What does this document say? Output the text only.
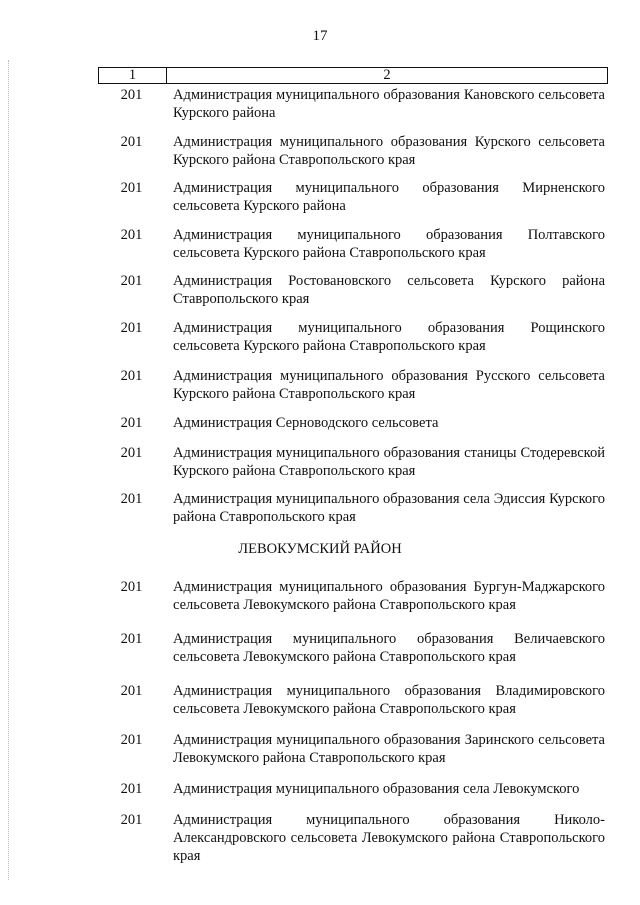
17
1	2
201	Администрация муниципального образования Кановского сельсовета Курского района
201	Администрация муниципального образования Курского сельсовета Курского района Ставропольского края
201	Администрация муниципального образования Мирненского сельсовета Курского района
201	Администрация муниципального образования Полтавского сельсовета Курского района Ставропольского края
201	Администрация Ростовановского сельсовета Курского района Ставропольского края
201	Администрация муниципального образования Рощинского сельсовета Курского района Ставропольского края
201	Администрация муниципального образования Русского сельсовета Курского района Ставропольского края
201	Администрация Серноводского сельсовета
201	Администрация муниципального образования станицы Стодеревской Курского района Ставропольского края
201	Администрация муниципального образования села Эдиссия Курского района Ставропольского края
ЛЕВОКУМСКИЙ РАЙОН
201	Администрация муниципального образования Бургун-Маджарского сельсовета Левокумского района Ставропольского края
201	Администрация муниципального образования Величаевского сельсовета Левокумского района Ставропольского края
201	Администрация муниципального образования Владимировского сельсовета Левокумского района Ставропольского края
201	Администрация муниципального образования Заринского сельсовета Левокумского района Ставропольского края
201	Администрация муниципального образования села Левокумского
201	Администрация муниципального образования Николо-Александровского сельсовета Левокумского района Ставропольского края
